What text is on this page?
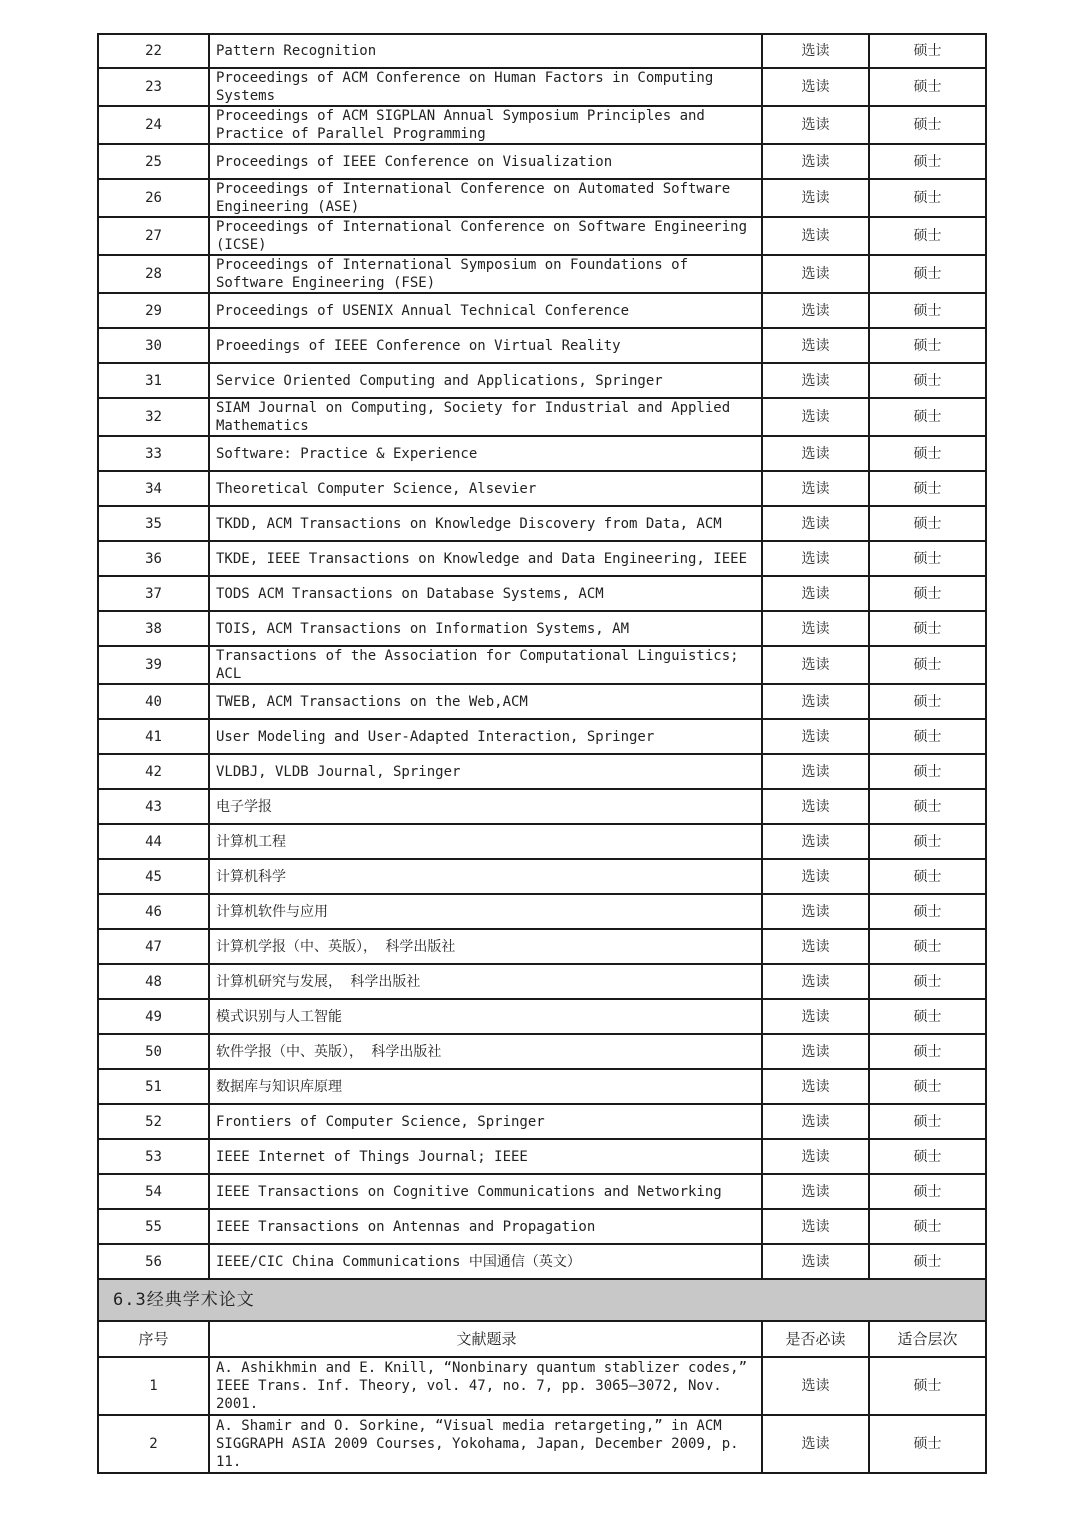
22	Pattern Recognition	选读	硕士
23	Proceedings of ACM Conference on Human Factors in Computing Systems	选读	硕士
24	Proceedings of ACM SIGPLAN Annual Symposium Principles and Practice of Parallel Programming	选读	硕士
25	Proceedings of IEEE Conference on Visualization	选读	硕士
26	Proceedings of International Conference on Automated Software Engineering (ASE)	选读	硕士
27	Proceedings of International Conference on Software Engineering (ICSE)	选读	硕士
28	Proceedings of International Symposium on Foundations of Software Engineering (FSE)	选读	硕士
29	Proceedings of USENIX Annual Technical Conference	选读	硕士
30	Proeedings of IEEE Conference on Virtual Reality	选读	硕士
31	Service Oriented Computing and Applications, Springer	选读	硕士
32	SIAM Journal on Computing, Society for Industrial and Applied Mathematics	选读	硕士
33	Software: Practice & Experience	选读	硕士
34	Theoretical Computer Science, Alsevier	选读	硕士
35	TKDD, ACM Transactions on Knowledge Discovery from Data, ACM	选读	硕士
36	TKDE, IEEE Transactions on Knowledge and Data Engineering, IEEE	选读	硕士
37	TODS ACM Transactions on Database Systems, ACM	选读	硕士
38	TOIS, ACM Transactions on Information Systems, AM	选读	硕士
39	Transactions of the Association for Computational Linguistics; ACL	选读	硕士
40	TWEB, ACM Transactions on the Web,ACM	选读	硕士
41	User Modeling and User-Adapted Interaction, Springer	选读	硕士
42	VLDBJ, VLDB Journal, Springer	选读	硕士
43	电子学报	选读	硕士
44	计算机工程	选读	硕士
45	计算机科学	选读	硕士
46	计算机软件与应用	选读	硕士
47	计算机学报（中、英版）， 科学出版社	选读	硕士
48	计算机研究与发展， 科学出版社	选读	硕士
49	模式识别与人工智能	选读	硕士
50	软件学报（中、英版）， 科学出版社	选读	硕士
51	数据库与知识库原理	选读	硕士
52	Frontiers of Computer Science, Springer	选读	硕士
53	IEEE Internet of Things Journal; IEEE	选读	硕士
54	IEEE Transactions on Cognitive Communications and Networking	选读	硕士
55	IEEE Transactions on Antennas and Propagation	选读	硕士
56	IEEE/CIC China Communications 中国通信（英文）	选读	硕士
6.3经典学术论文			
序号	文献题录	是否必读	适合层次
1	A. Ashikhmin and E. Knill, “Nonbinary quantum stablizer codes,” IEEE Trans. Inf. Theory, vol. 47, no. 7, pp. 3065–3072, Nov. 2001.	选读	硕士
2	A. Shamir and O. Sorkine, “Visual media retargeting,” in ACM SIGGRAPH ASIA 2009 Courses, Yokohama, Japan, December 2009, p. 11.	选读	硕士
